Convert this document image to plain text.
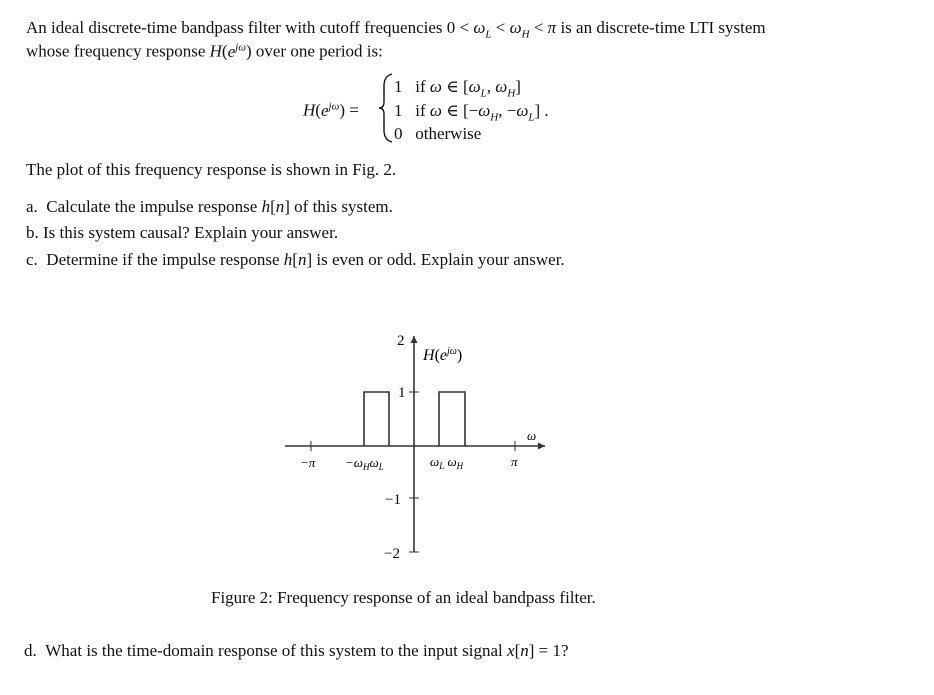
An ideal discrete-time bandpass filter with cutoff frequencies $0 < \omega_L < \omega_H < \pi$ is an discrete-time LTI system
whose frequency response $H(e^{j\omega})$ over one period is:
$H(e^{j\omega})$ =
1   if ω ∈ [$\omega_L$, $\omega_H$]
1   if ω ∈ [$-\omega_H$, $-\omega_L$] .
0   otherwise
The plot of this frequency response is shown in Fig. 2.
a.  Calculate the impulse response h[n] of this system.
b. Is this system causal? Explain your answer.
c.  Determine if the impulse response h[n] is even or odd. Explain your answer.
2
1
−1
−2
$-\pi -\omega_H\omega_L$	$\omega_L$ $\omega_H$	π
ω
$H(e^{j\omega})$
Figure 2: Frequency response of an ideal bandpass filter.
d.  What is the time-domain response of this system to the input signal x[n] = 1?
